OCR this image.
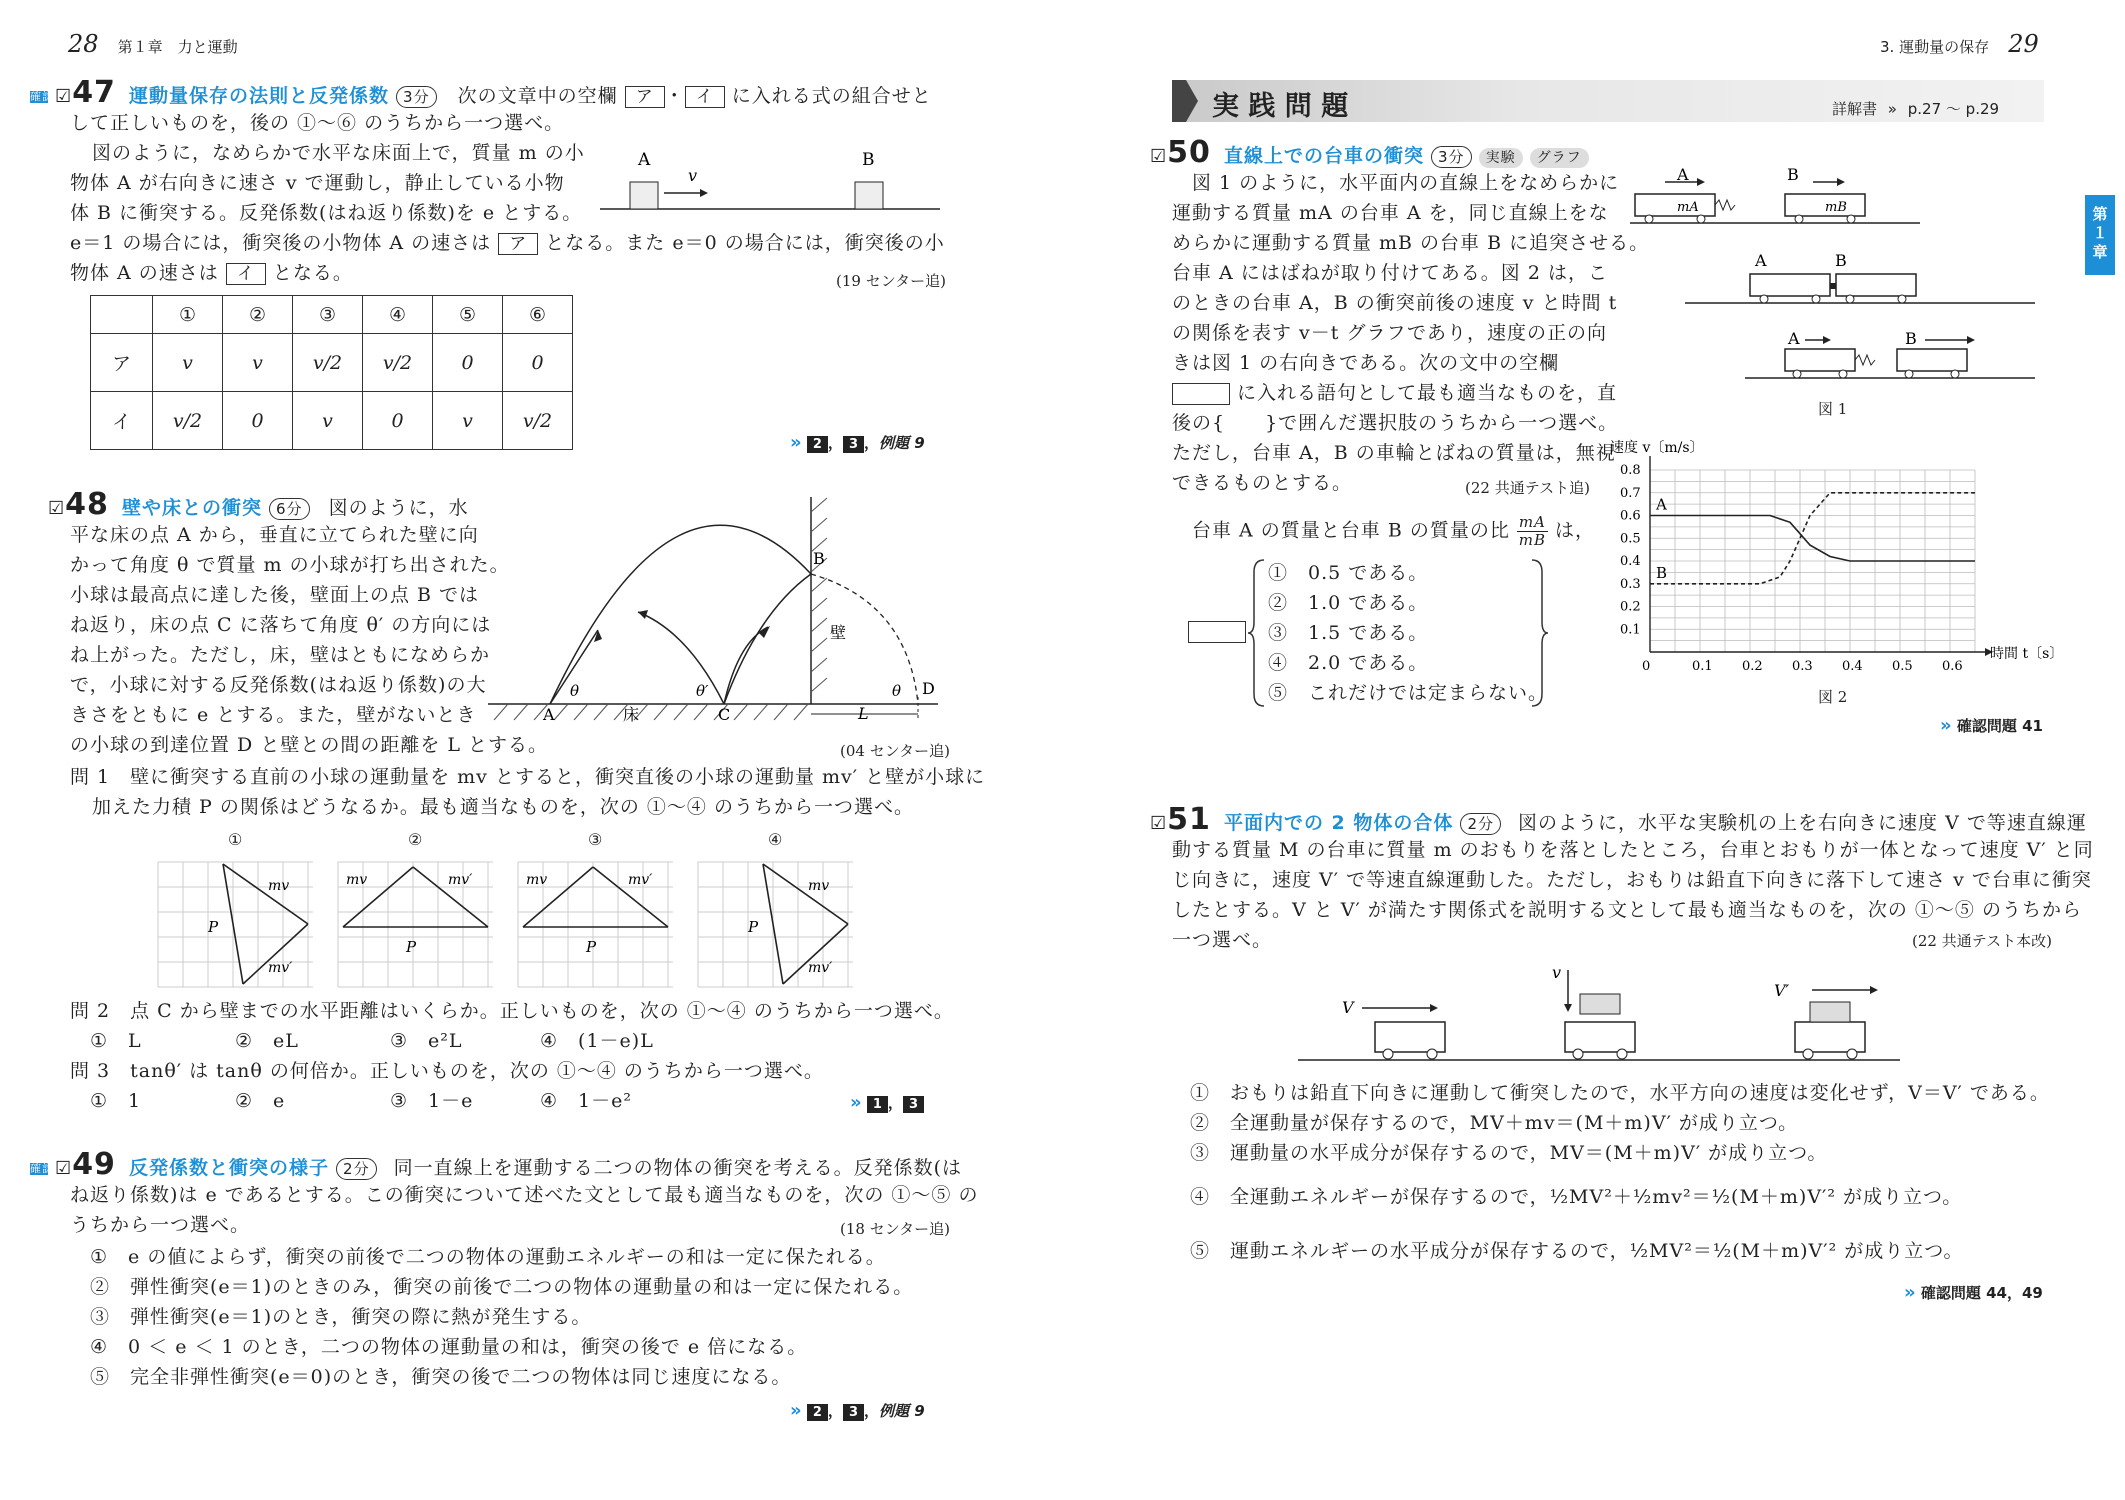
28 第１章　力と運動
確認 ☑47 運動量保存の法則と反発係数 3分 次の文章中の空欄 ア ・ イ に入れる式の組合せと
して正しいものを，後の ①～⑥ のうちから一つ選べ。
図のように，なめらかで水平な床面上で，質量 m の小
物体 A が右向きに速さ v で運動し，静止している小物
体 B に衝突する。反発係数(はね返り係数)を e とする。
e＝1 の場合には，衝突後の小物体 A の速さは ア となる。また e＝0 の場合には，衝突後の小
物体 A の速さは イ となる。	(19 センター追)
A	B
v
	①	②	③	④	⑤	⑥
ア	v	v	v/2	v/2	0	0
イ	v/2	0	v	0	v	v/2
» 2 ， 3 ，例題 9
☑48 壁や床との衝突 6分 図のように，水
平な床の点 A から，垂直に立てられた壁に向
かって角度 θ で質量 m の小球が打ち出された。
小球は最高点に達した後，壁面上の点 B では
ね返り，床の点 C に落ちて角度 θ′ の方向には
ね上がった。ただし，床，壁はともになめらか
で，小球に対する反発係数(はね返り係数)の大
きさをともに e とする。また，壁がないとき
の小球の到達位置 D と壁との間の距離を L とする。	(04 センター追)
B
壁
A	床	C
D
θ	θ′	θ
L
問 1　壁に衝突する直前の小球の運動量を mv とすると，衝突直後の小球の運動量 mv′ と壁が小球に
加えた力積 P の関係はどうなるか。最も適当なものを，次の ①～④ のうちから一つ選べ。
①	②	③	④
mv
mv′
P
mv	mv′
P
mv	mv′
P
mv
mv′
P
問 2　点 C から壁までの水平距離はいくらか。正しいものを，次の ①～④ のうちから一つ選べ。
①　L	②　eL	③　e²L	④　(1－e)L
問 3　tanθ′ は tanθ の何倍か。正しいものを，次の ①～④ のうちから一つ選べ。
①　1	②　e	③　1－e	④　1－e²	» 1 ， 3
確認 ☑49 反発係数と衝突の様子 2分 同一直線上を運動する二つの物体の衝突を考える。反発係数(は
ね返り係数)は e であるとする。この衝突について述べた文として最も適当なものを，次の ①～⑤ の
うちから一つ選べ。	(18 センター追)
①　e の値によらず，衝突の前後で二つの物体の運動エネルギーの和は一定に保たれる。
②　弾性衝突(e＝1)のときのみ，衝突の前後で二つの物体の運動量の和は一定に保たれる。
③　弾性衝突(e＝1)のとき，衝突の際に熱が発生する。
④　0 ＜ e ＜ 1 のとき，二つの物体の運動量の和は，衝突の後で e 倍になる。
⑤　完全非弾性衝突(e＝0)のとき，衝突の後で二つの物体は同じ速度になる。
» 2 ， 3 ，例題 9
3. 運動量の保存 29
第
１
章
実 践 問 題	詳解書 » p.27 ～ p.29
☑50 直線上での台車の衝突 3分 実験 グラフ
図 1 のように，水平面内の直線上をなめらかに
運動する質量 mA の台車 A を，同じ直線上をな
めらかに運動する質量 mB の台車 B に追突させる。
台車 A にはばねが取り付けてある。図 2 は，こ
のときの台車 A，B の衝突前後の速度 v と時間 t
の関係を表す v－t グラフであり，速度の正の向
きは図 1 の右向きである。次の文中の空欄
に入れる語句として最も適当なものを，直
後の{　　}で囲んだ選択肢のうちから一つ選べ。
ただし，台車 A，B の車輪とばねの質量は，無視
できるものとする。	(22 共通テスト追)
台車 A の質量と台車 B の質量の比 $\frac{mA}{mB}$ は，
①　0.5 である。
②　1.0 である。
③　1.5 である。
④　2.0 である。
⑤　これだけでは定まらない。
mA	mB
A	B
A	B
A	B
図 1
0	0.1 0.2 0.3 0.4 0.5 0.6
0.1
0.2
0.3
0.4
0.5
0.6
0.7
0.8
速度 v〔m/s〕
時間 t〔s〕
A
B
図 2
» 確認問題 41
☑51 平面内での 2 物体の合体 2分 図のように，水平な実験机の上を右向きに速度 V で等速直線運
動する質量 M の台車に質量 m のおもりを落としたところ，台車とおもりが一体となって速度 V′ と同
じ向きに，速度 V′ で等速直線運動した。ただし，おもりは鉛直下向きに落下して速さ v で台車に衝突
したとする。V と V′ が満たす関係式を説明する文として最も適当なものを，次の ①～⑤ のうちから
一つ選べ。	(22 共通テスト本改)
V
v
V′
①　おもりは鉛直下向きに運動して衝突したので，水平方向の速度は変化せず，V＝V′ である。
②　全運動量が保存するので，MV＋mv＝(M＋m)V′ が成り立つ。
③　運動量の水平成分が保存するので，MV＝(M＋m)V′ が成り立つ。
④　全運動エネルギーが保存するので，½MV²＋½mv²＝½(M＋m)V′² が成り立つ。
⑤　運動エネルギーの水平成分が保存するので，½MV²＝½(M＋m)V′² が成り立つ。
» 確認問題 44，49
